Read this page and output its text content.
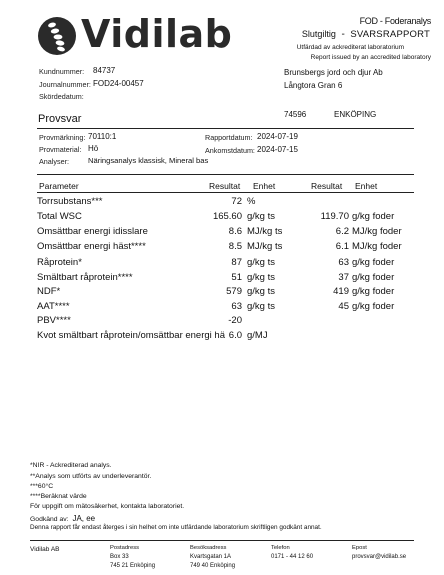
Vidilab	FOD - Foderanalys
Slutgiltig  -  SVARSRAPPORT
Utfärdad av ackrediterat laboratorium
Report issued by an accredited laboratory
Kundnummer: 84737
Journalnummer: FOD24-00457
Skördedatum:
Brunsbergs jord och djur Ab
Långtora Gran 6
74596	ENKÖPING
Provsvar
Provmärkning: 70110:1
Provmaterial: Hö
Analyser:	Näringsanalys klassisk, Mineral bas
Rapportdatum: 2024-07-19
Ankomstdatum: 2024-07-15
Parameter	Resultat Enhet	Resultat Enhet
Torrsubstans***	72 %
Total WSC	165.60 g/kg ts	119.70 g/kg foder
Omsättbar energi idisslare	8.6 MJ/kg ts	6.2 MJ/kg foder
Omsättbar energi häst****	8.5 MJ/kg ts	6.1 MJ/kg foder
Råprotein*	87 g/kg ts	63 g/kg foder
Smältbart råprotein****	51 g/kg ts	37 g/kg foder
NDF*	579 g/kg ts	419 g/kg foder
AAT****	63 g/kg ts	45 g/kg foder
PBV****	-20
Kvot smältbart råprotein/omsättbar energi hä 6.0 g/MJ
*NIR - Ackrediterad analys.
**Analys som utförts av underleverantör.
***60°C
****Beräknat värde
För uppgift om mätosäkerhet, kontakta laboratoriet.
Godkänd av: JA, ee
Denna rapport får endast återges i sin helhet om inte utfärdande laboratorium skriftligen godkänt annat.
Vidilab AB	Postadress
Box 33
745 21 Enköping
Besöksadress
Kvartsgatan 1A
749 40 Enköping
Telefon
0171 - 44 12 60
Epost
provsvar@vidilab.se
